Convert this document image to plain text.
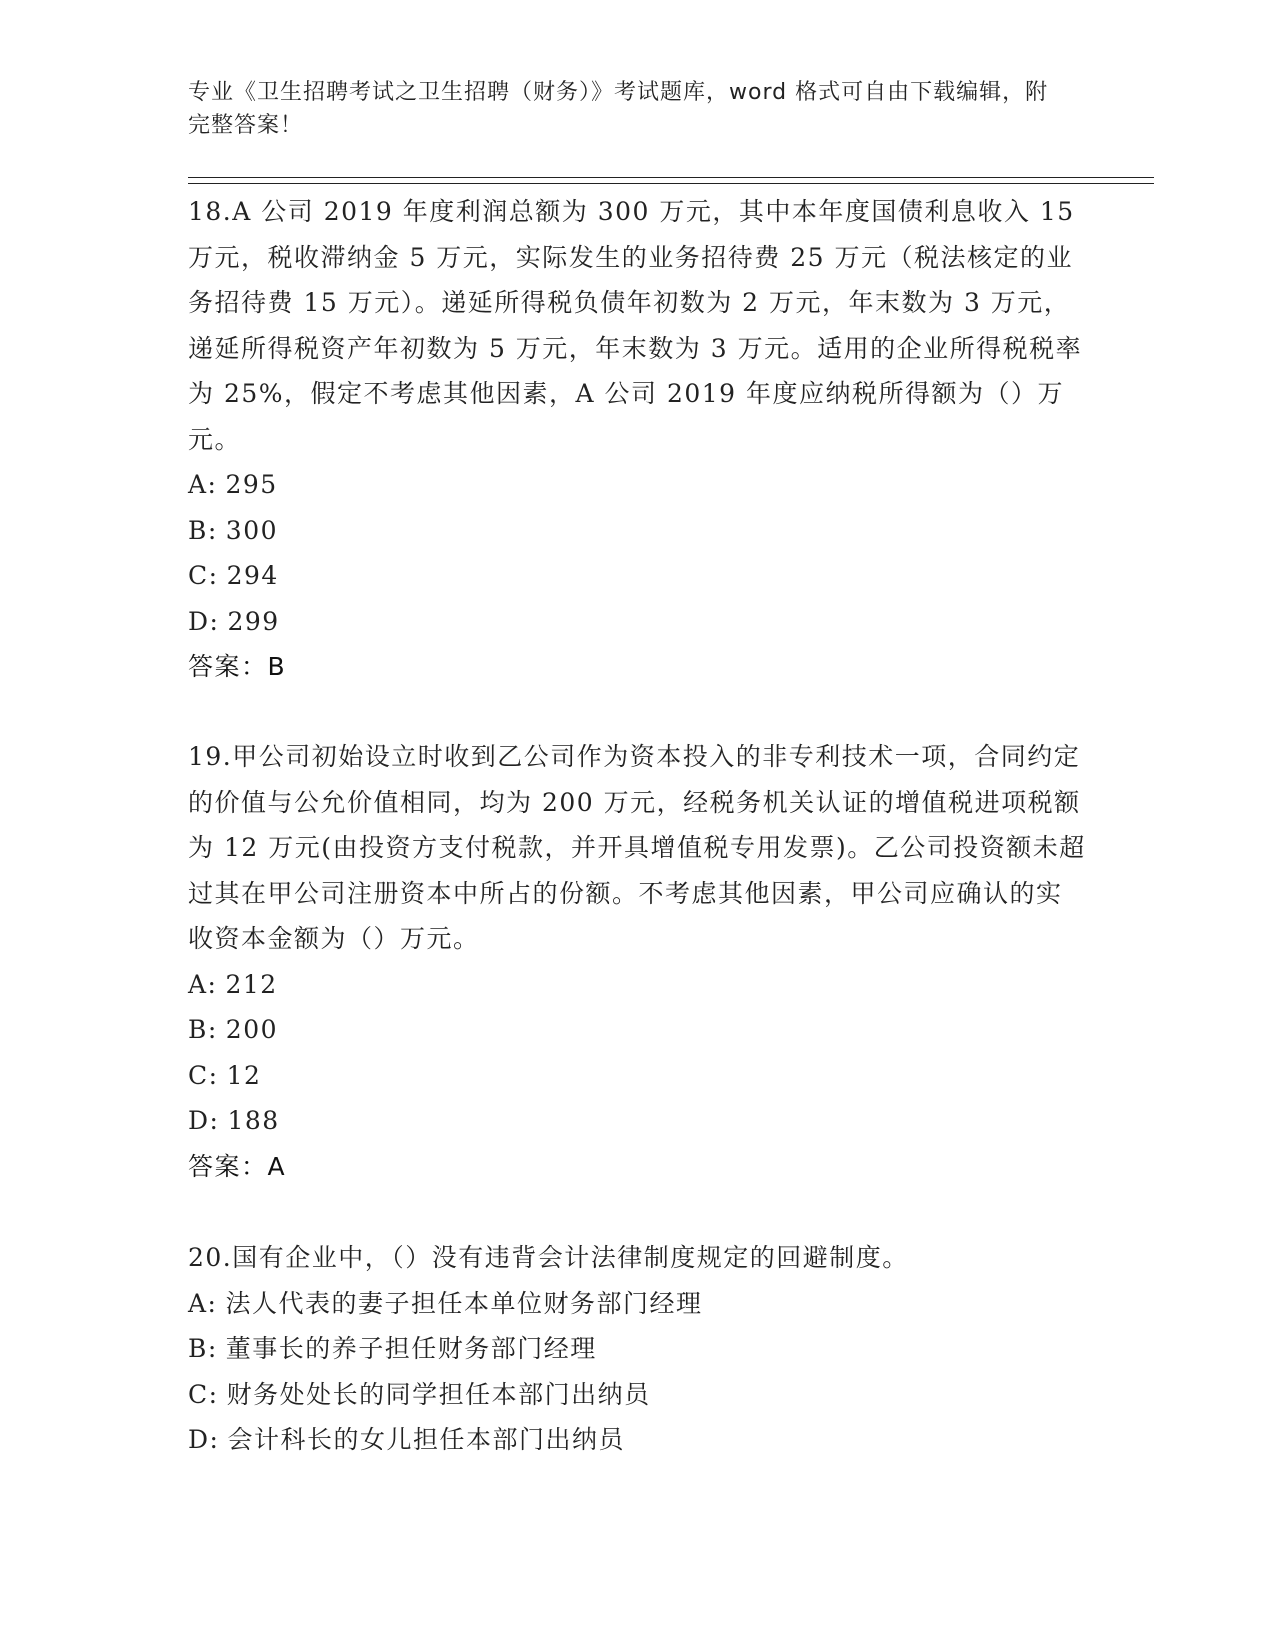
专业《卫生招聘考试之卫生招聘（财务）》考试题库，word 格式可自由下载编辑，附完整答案！

18.A 公司 2019 年度利润总额为 300 万元，其中本年度国债利息收入 15 万元，税收滞纳金 5 万元，实际发生的业务招待费 25 万元（税法核定的业务招待费 15 万元）。递延所得税负债年初数为 2 万元，年末数为 3 万元，递延所得税资产年初数为 5 万元，年末数为 3 万元。适用的企业所得税税率为 25%，假定不考虑其他因素，A 公司 2019 年度应纳税所得额为（）万元。

A: 295
B: 300
C: 294
D: 299
答案：B

19.甲公司初始设立时收到乙公司作为资本投入的非专利技术一项，合同约定的价值与公允价值相同，均为 200 万元，经税务机关认证的增值税进项税额为 12 万元(由投资方支付税款，并开具增值税专用发票)。乙公司投资额未超过其在甲公司注册资本中所占的份额。不考虑其他因素，甲公司应确认的实收资本金额为（）万元。

A: 212
B: 200
C: 12
D: 188
答案：A

20.国有企业中，（）没有违背会计法律制度规定的回避制度。

A: 法人代表的妻子担任本单位财务部门经理
B: 董事长的养子担任财务部门经理
C: 财务处处长的同学担任本部门出纳员
D: 会计科长的女儿担任本部门出纳员
